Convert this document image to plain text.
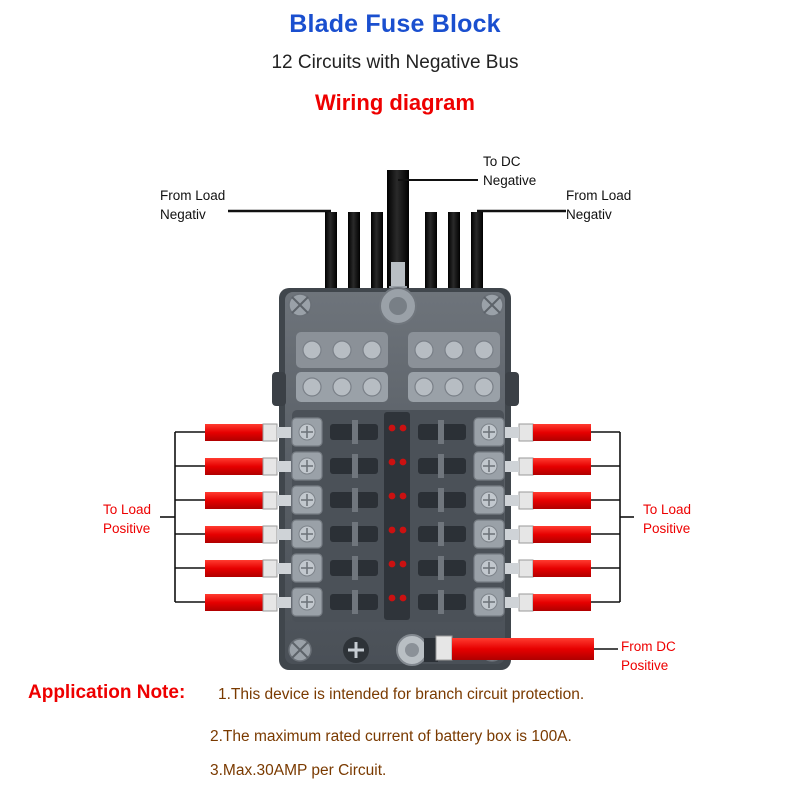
Blade Fuse Block
12 Circuits with Negative Bus
Wiring diagram
To DC
Negative
From Load
Negativ
From Load
Negativ
To Load
Positive
To Load
Positive
From DC
Positive
Application Note: 1.This device is intended for branch circuit protection.
2.The maximum rated current of battery box is 100A.
3.Max.30AMP per Circuit.
